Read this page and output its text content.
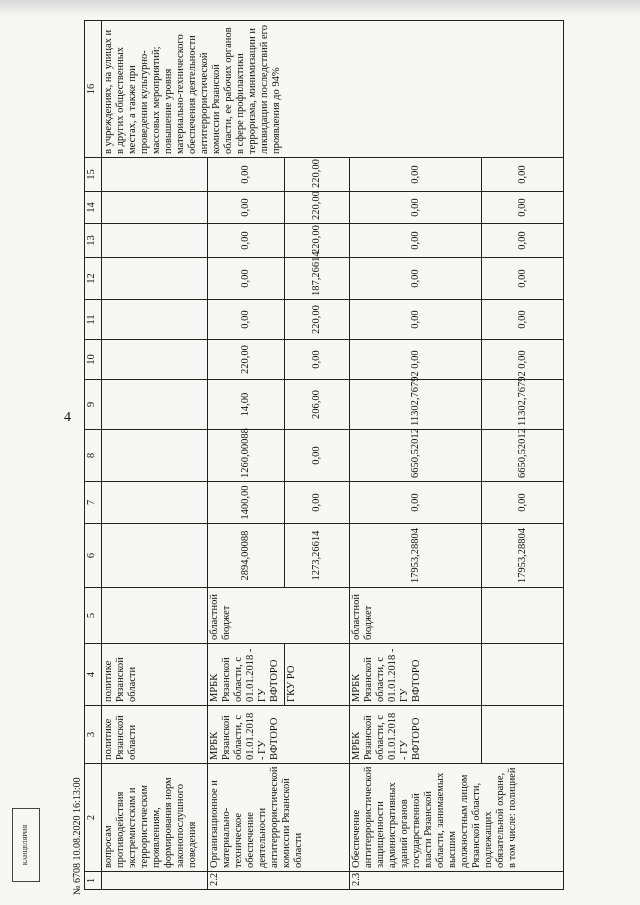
4
1	2	3	4	5	6	7	8	9	10	11	12	13	14	15	16
	вопросам противодействия экстремистским и террористическим проявлениям, формирования норм законопослушного поведения	политике Рязанской области	политике Рязанской области												в учреждениях, на улицах и в других общественных местах, а также при проведении культурно-массовых мероприятий; повышение уровня материально-технического обеспечения деятельности антитеррористической комиссии Рязанской области, ее рабочих органов в сфере профилактики терроризма, минимизации и ликвидации последствий его проявления до 94%
2.2	Организационное и материально-техническое обеспечение деятельности антитеррористической комиссии Рязанской области	МРБК Рязанской области, с 01.01.2018 - ГУ ВФТОРО	МРБК Рязанской области, с 01.01.2018 - ГУ ВФТОРО	областной бюджет	2894,00088	1400,00	1260,00088	14,00	220,00	0,00	0,00	0,00	0,00	0,00	
			ГКУ РО		1273,26614	0,00	0,00	206,00	0,00	220,00	187,26614	220,00	220,00	220,00	
2.3	Обеспечение антитеррористической защищенности административных зданий органов государственной власти Рязанской области, занимаемых высшим должностным лицом Рязанской области, подлежащих обязательной охране, в том числе: полицией	МРБК Рязанской области, с 01.01.2018 - ГУ ВФТОРО	МРБК Рязанской области, с 01.01.2018 - ГУ ВФТОРО	областной бюджет	17953,28804	0,00	6650,52012	11302,76792	0,00	0,00	0,00	0,00	0,00	0,00	
					17953,28804	0,00	6650,52012	11302,76792	0,00	0,00	0,00	0,00	0,00	0,00	
КАНЦЕЛЯРИЯ	№ 6708 10.08.2020 16:13:00
